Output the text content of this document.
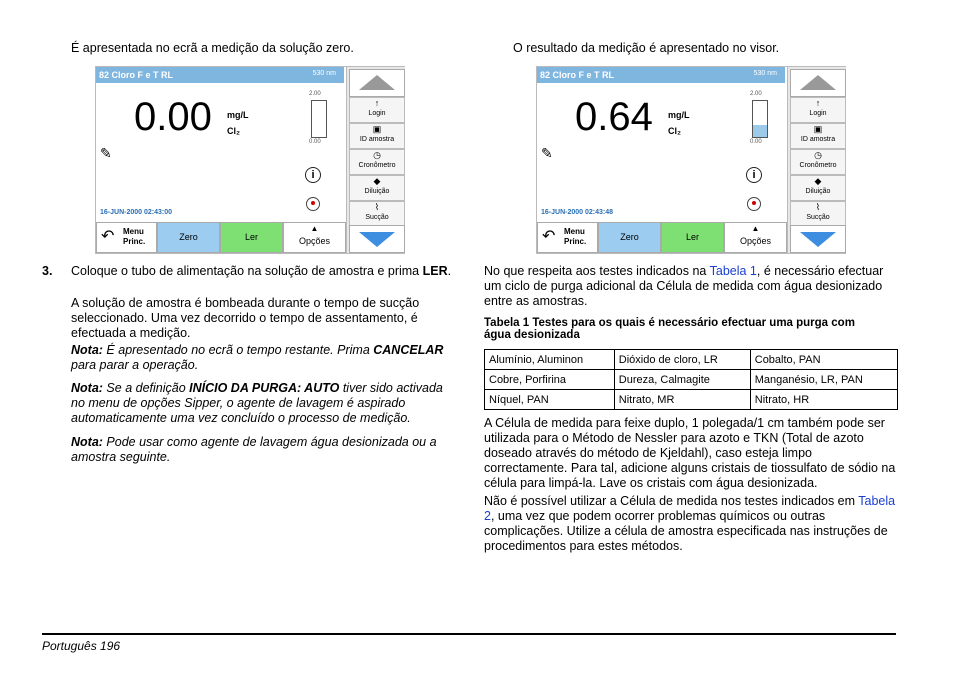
É apresentada no ecrã a medição da solução zero.
82 Cloro F e T RL	530 nm
0.00 mg/L
Cl₂
2.00
0.00
✎
i
16-JUN-2000 02:43:00
↑
Login
▣
ID amostra
◷
Cronômetro
◆
Diluição
⌇
Sucção
↶ Menu Princ.	Zero	Ler
▲
Opções
3. Coloque o tubo de alimentação na solução de amostra e prima LER.
A solução de amostra é bombeada durante o tempo de sucção seleccionado. Uma vez decorrido o tempo de assentamento, é efectuada a medição.
Nota: É apresentado no ecrã o tempo restante. Prima CANCELAR para parar a operação.
Nota: Se a definição INÍCIO DA PURGA: AUTO tiver sido activada no menu de opções Sipper, o agente de lavagem é aspirado automaticamente uma vez concluído o processo de medição.
Nota: Pode usar como agente de lavagem água desionizada ou a amostra seguinte.
O resultado da medição é apresentado no visor.
82 Cloro F e T RL	530 nm
0.64 mg/L
Cl₂
2.00
0.00
✎
i
16-JUN-2000 02:43:48
↑
Login
▣
ID amostra
◷
Cronômetro
◆
Diluição
⌇
Sucção
↶ Menu Princ.	Zero	Ler
▲
Opções
No que respeita aos testes indicados na Tabela 1, é necessário efectuar um ciclo de purga adicional da Célula de medida com água desionizado entre as amostras.
Tabela 1 Testes para os quais é necessário efectuar uma purga com água desionizada
Alumínio, Aluminon	Dióxido de cloro, LR	Cobalto, PAN
Cobre, Porfirina	Dureza, Calmagite	Manganésio, LR, PAN
Níquel, PAN	Nitrato, MR	Nitrato, HR
A Célula de medida para feixe duplo, 1 polegada/1 cm também pode ser utilizada para o Método de Nessler para azoto e TKN (Total de azoto doseado através do método de Kjeldahl), caso esteja limpo correctamente. Para tal, adicione alguns cristais de tiossulfato de sódio na célula para limpá-la. Lave os cristais com água desionizada.
Não é possível utilizar a Célula de medida nos testes indicados em Tabela 2, uma vez que podem ocorrer problemas químicos ou outras complicações. Utilize a célula de amostra especificada nas instruções de procedimentos para estes métodos.
Português 196
